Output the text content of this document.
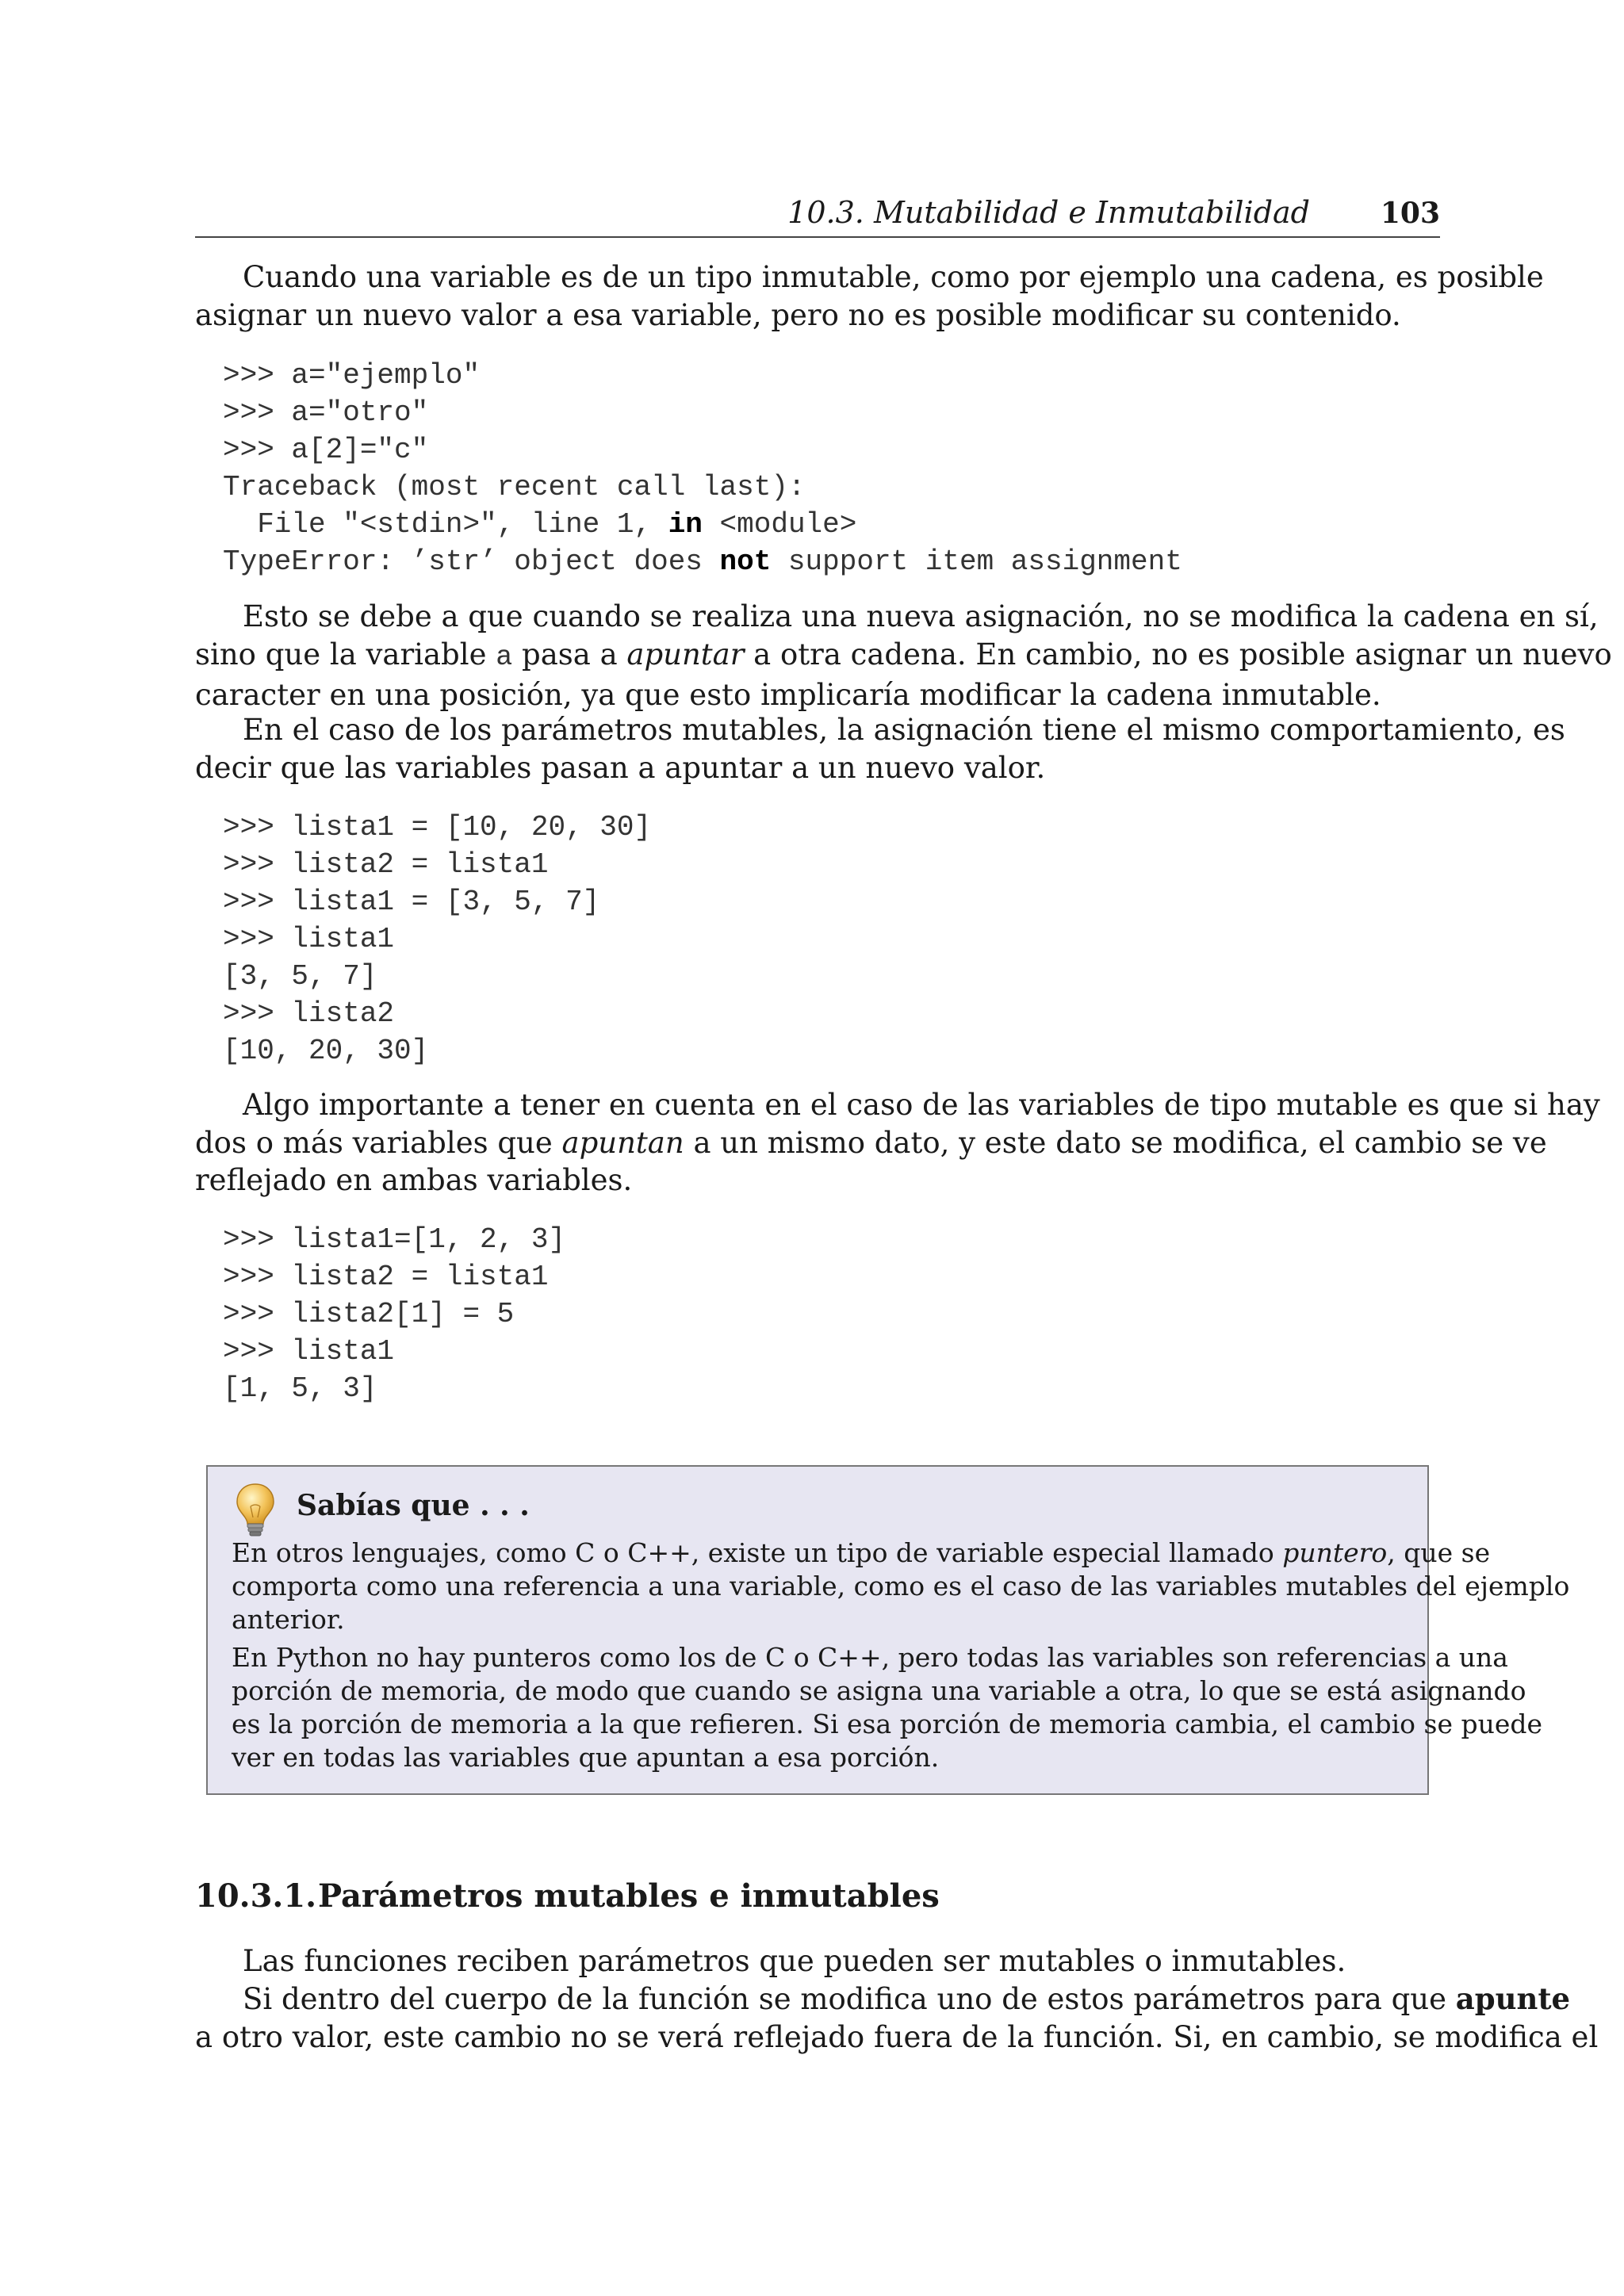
10.3. Mutabilidad e Inmutabilidad 103

Cuando una variable es de un tipo inmutable, como por ejemplo una cadena, es posible
asignar un nuevo valor a esa variable, pero no es posible modificar su contenido.

>>> a="ejemplo"
>>> a="otro"
>>> a[2]="c"
Traceback (most recent call last):
File "<stdin>", line 1, in <module>
TypeError: ’str’ object does not support item assignment

Esto se debe a que cuando se realiza una nueva asignación, no se modifica la cadena en sí,
sino que la variable a pasa a apuntar a otra cadena. En cambio, no es posible asignar un nuevo
caracter en una posición, ya que esto implicaría modificar la cadena inmutable.

En el caso de los parámetros mutables, la asignación tiene el mismo comportamiento, es
decir que las variables pasan a apuntar a un nuevo valor.

>>> lista1 = [10, 20, 30]
>>> lista2 = lista1
>>> lista1 = [3, 5, 7]
>>> lista1
[3, 5, 7]
>>> lista2
[10, 20, 30]

Algo importante a tener en cuenta en el caso de las variables de tipo mutable es que si hay
dos o más variables que apuntan a un mismo dato, y este dato se modifica, el cambio se ve
reflejado en ambas variables.

>>> lista1=[1, 2, 3]
>>> lista2 = lista1
>>> lista2[1] = 5
>>> lista1
[1, 5, 3]
Sabías que . . .
En otros lenguajes, como C o C++, existe un tipo de variable especial llamado puntero, que se
comporta como una referencia a una variable, como es el caso de las variables mutables del ejemplo
anterior.
En Python no hay punteros como los de C o C++, pero todas las variables son referencias a una
porción de memoria, de modo que cuando se asigna una variable a otra, lo que se está asignando
es la porción de memoria a la que refieren. Si esa porción de memoria cambia, el cambio se puede
ver en todas las variables que apuntan a esa porción.
10.3.1.Parámetros mutables e inmutables

Las funciones reciben parámetros que pueden ser mutables o inmutables.

Si dentro del cuerpo de la función se modifica uno de estos parámetros para que apunte
a otro valor, este cambio no se verá reflejado fuera de la función. Si, en cambio, se modifica el
